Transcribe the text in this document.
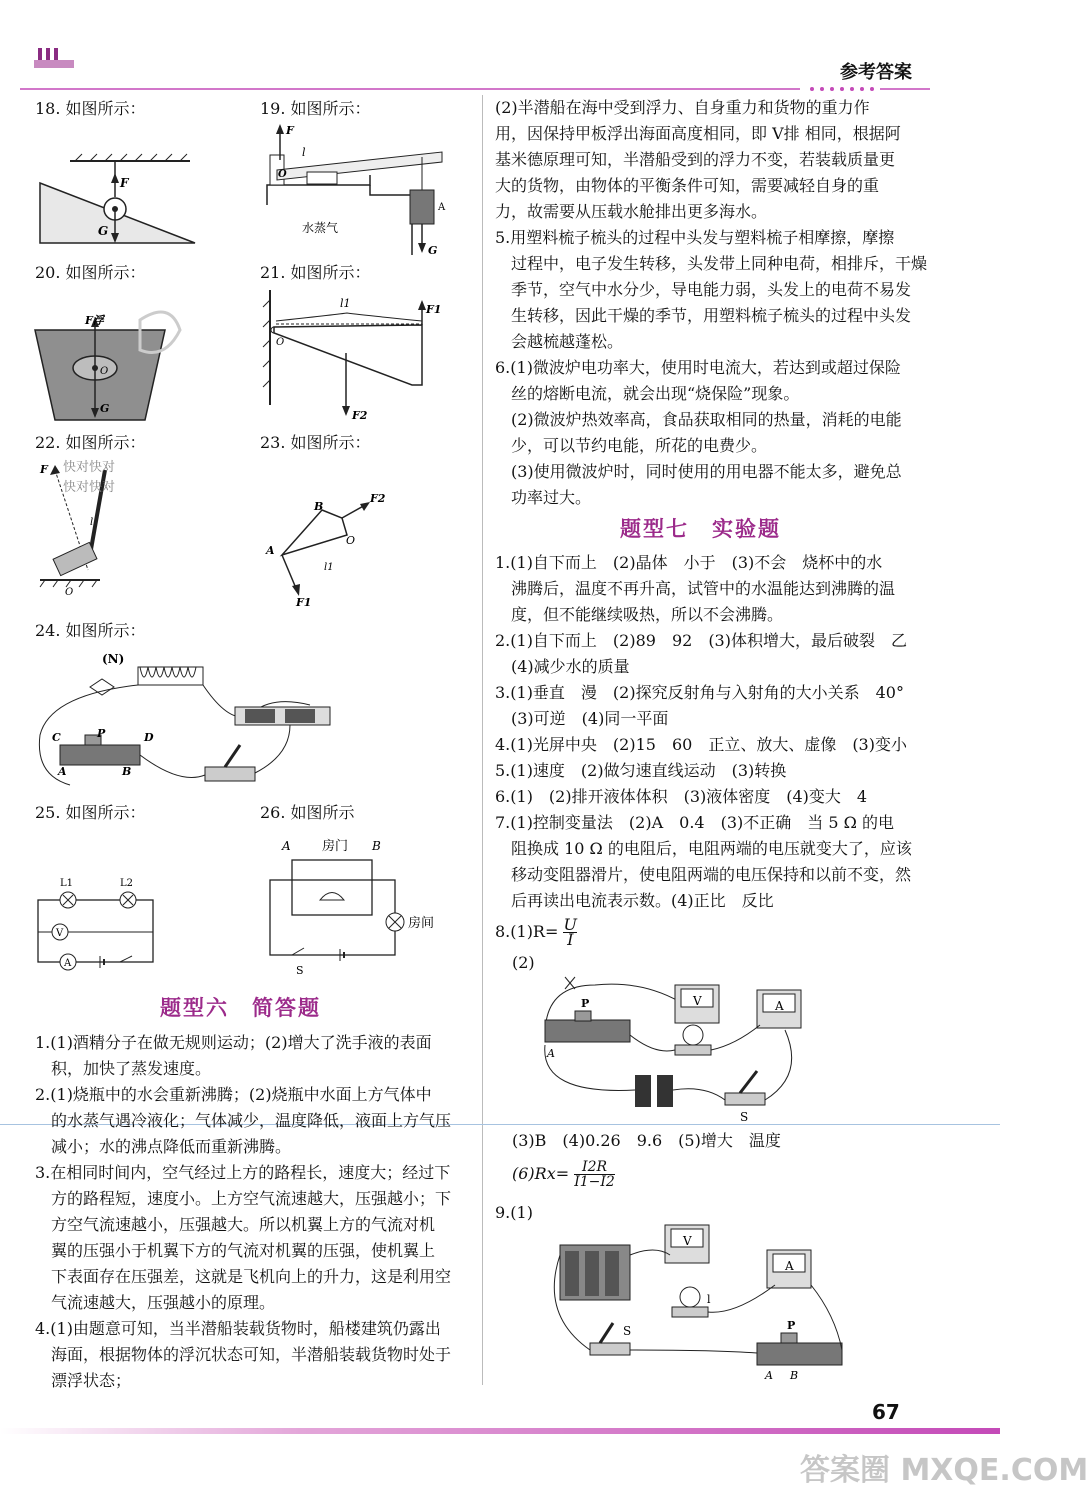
参考答案
18. 如图所示：	19. 如图所示：
20. 如图所示：	21. 如图所示：
22. 如图所示：	23. 如图所示：
24. 如图所示：
25. 如图所示：	26. 如图所示
F
G
F
l
O
A
G
水蒸气
F浮
O
G
l1	F1
F2
O
F
l
O
快对快对
快对快对
B
F2
O
A
l1
F1
(N)
C	P	D
A	B
L1	L2
V
A
A 房门 B
房间
S
题型六　简答题
1.(1)酒精分子在做无规则运动；(2)增大了洗手液的表面
　积，加快了蒸发速度。
2.(1)烧瓶中的水会重新沸腾；(2)烧瓶中水面上方气体中
　的水蒸气遇冷液化；气体减少，温度降低，液面上方气压
　减小；水的沸点降低而重新沸腾。
3.在相同时间内，空气经过上方的路程长，速度大；经过下
　方的路程短，速度小。上方空气流速越大，压强越小；下
　方空气流速越小，压强越大。所以机翼上方的气流对机
　翼的压强小于机翼下方的气流对机翼的压强，使机翼上
　下表面存在压强差，这就是飞机向上的升力，这是利用空
　气流速越大，压强越小的原理。
4.(1)由题意可知，当半潜船装载货物时，船楼建筑仍露出
　海面，根据物体的浮沉状态可知，半潜船装载货物时处于
　漂浮状态；
(2)半潜船在海中受到浮力、自身重力和货物的重力作
用，因保持甲板浮出海面高度相同，即 V排 相同，根据阿
基米德原理可知，半潜船受到的浮力不变，若装载质量更
大的货物，由物体的平衡条件可知，需要减轻自身的重
力，故需要从压载水舱排出更多海水。
5.用塑料梳子梳头的过程中头发与塑料梳子相摩擦，摩擦
　过程中，电子发生转移，头发带上同种电荷，相排斥，干燥
　季节，空气中水分少，导电能力弱，头发上的电荷不易发
　生转移，因此干燥的季节，用塑料梳子梳头的过程中头发
　会越梳越蓬松。
6.(1)微波炉电功率大，使用时电流大，若达到或超过保险
　丝的熔断电流，就会出现“烧保险”现象。
　(2)微波炉热效率高，食品获取相同的热量，消耗的电能
　少，可以节约电能，所花的电费少。
　(3)使用微波炉时，同时使用的用电器不能太多，避免总
　功率过大。
题型七　实验题
1.(1)自下而上　(2)晶体　小于　(3)不会　烧杯中的水
　沸腾后，温度不再升高，试管中的水温能达到沸腾的温
　度，但不能继续吸热，所以不会沸腾。
2.(1)自下而上　(2)89　92　(3)体积增大，最后破裂　乙
　(4)减少水的质量
3.(1)垂直　漫　(2)探究反射角与入射角的大小关系　40°
　(3)可逆　(4)同一平面
4.(1)光屏中央　(2)15　60　正立、放大、虚像　(3)变小
5.(1)速度　(2)做匀速直线运动　(3)转换
6.(1)　(2)排开液体体积　(3)液体密度　(4)变大　4
7.(1)控制变量法　(2)A　0.4　(3)不正确　当 5 Ω 的电
　阻换成 10 Ω 的电阻后，电阻两端的电压就变大了，应该
　移动变阻器滑片，使电阻两端的电压保持和以前不变，然
　后再读出电流表示数。(4)正比　反比
$8.(1)R= \frac{U}{I}$
(2)
V	A
P
A
S
(3)B　(4)0.26　9.6　(5)增大　温度
$(6)Rx= \frac{I2R}{I1-I2}$
9.(1)
V
A
l
S	P
A B
67
答案圈 MXQE.COM
